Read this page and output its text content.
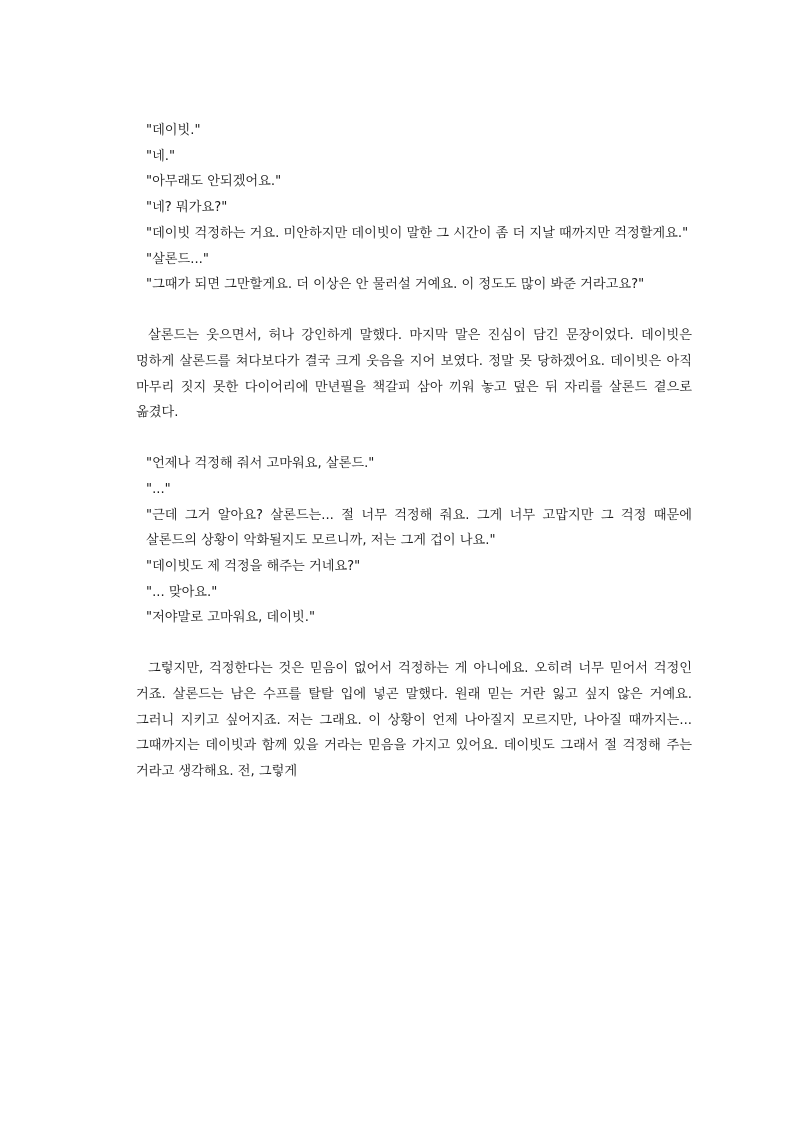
"데이빗."

"네."

"아무래도 안되겠어요."

"네? 뭐가요?"

"데이빗 걱정하는 거요. 미안하지만 데이빗이 말한 그 시간이 좀 더 지날 때까지만 걱정할게요."

"살론드..."

"그때가 되면 그만할게요. 더 이상은 안 물러설 거예요. 이 정도도 많이 봐준 거라고요?"

살론드는 웃으면서, 허나 강인하게 말했다. 마지막 말은 진심이 담긴 문장이었다. 데이빗은 멍하게 살론드를 쳐다보다가 결국 크게 웃음을 지어 보였다. 정말 못 당하겠어요. 데이빗은 아직 마무리 짓지 못한 다이어리에 만년필을 책갈피 삼아 끼워 놓고 덮은 뒤 자리를 살론드 곁으로 옮겼다.

"언제나 걱정해 줘서 고마워요, 살론드."

"..."

"근데 그거 알아요? 살론드는... 절 너무 걱정해 줘요. 그게 너무 고맙지만 그 걱정 때문에 살론드의 상황이 악화될지도 모르니까, 저는 그게 겁이 나요."

"데이빗도 제 걱정을 해주는 거네요?"

"... 맞아요."

"저야말로 고마워요, 데이빗."

그렇지만, 걱정한다는 것은 믿음이 없어서 걱정하는 게 아니에요. 오히려 너무 믿어서 걱정인 거죠. 살론드는 남은 수프를 탈탈 입에 넣곤 말했다. 원래 믿는 거란 잃고 싶지 않은 거예요. 그러니 지키고 싶어지죠. 저는 그래요. 이 상황이 언제 나아질지 모르지만, 나아질 때까지는... 그때까지는 데이빗과 함께 있을 거라는 믿음을 가지고 있어요. 데이빗도 그래서 절 걱정해 주는 거라고 생각해요. 전, 그렇게
